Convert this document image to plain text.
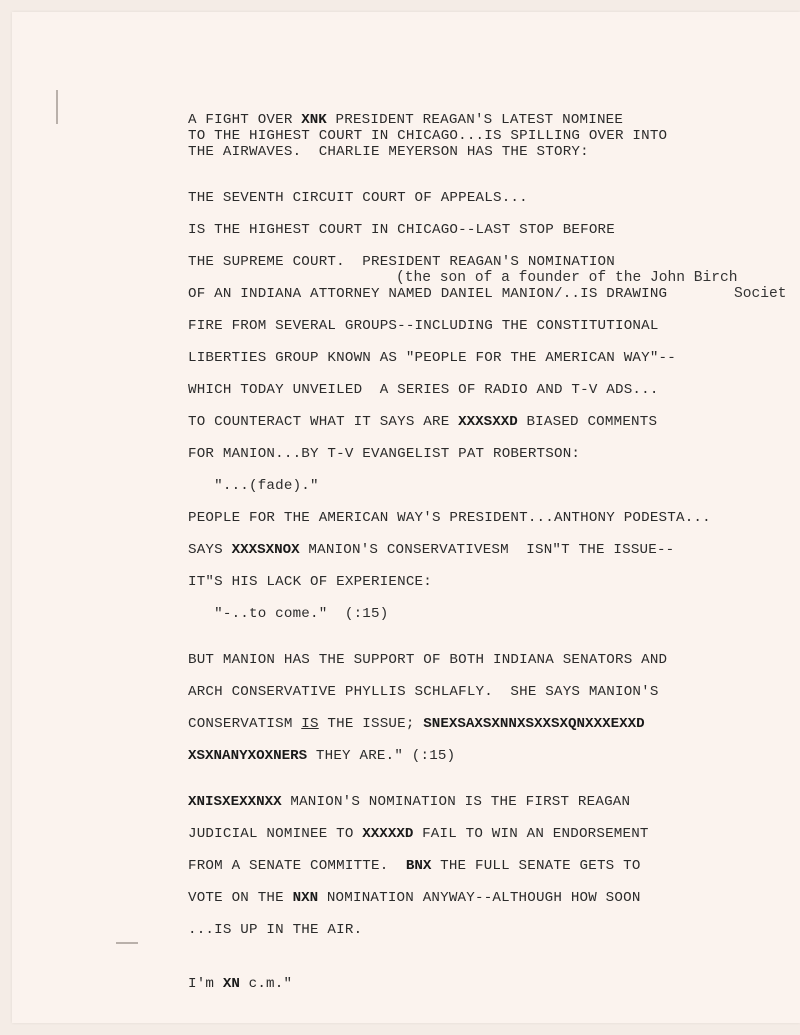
A FIGHT OVER XNK PRESIDENT REAGAN'S LATEST NOMINEE
TO THE HIGHEST COURT IN CHICAGO...IS SPILLING OVER INTO
THE AIRWAVES.  CHARLIE MEYERSON HAS THE STORY:
THE SEVENTH CIRCUIT COURT OF APPEALS...
IS THE HIGHEST COURT IN CHICAGO--LAST STOP BEFORE
THE SUPREME COURT.  PRESIDENT REAGAN'S NOMINATION
(the son of a founder of the John Birch
OF AN INDIANA ATTORNEY NAMED DANIEL MANION/..IS DRAWING	Societ
FIRE FROM SEVERAL GROUPS--INCLUDING THE CONSTITUTIONAL
LIBERTIES GROUP KNOWN AS "PEOPLE FOR THE AMERICAN WAY"--
WHICH TODAY UNVEILED  A SERIES OF RADIO AND T-V ADS...
TO COUNTERACT WHAT IT SAYS ARE XXXSXXD BIASED COMMENTS
FOR MANION...BY T-V EVANGELIST PAT ROBERTSON:
"...(fade)."
PEOPLE FOR THE AMERICAN WAY'S PRESIDENT...ANTHONY PODESTA...
SAYS XXXSXNOX MANION'S CONSERVATIVESM  ISN"T THE ISSUE--
IT"S HIS LACK OF EXPERIENCE:
"-..to come."  (:15)
BUT MANION HAS THE SUPPORT OF BOTH INDIANA SENATORS AND
ARCH CONSERVATIVE PHYLLIS SCHLAFLY.  SHE SAYS MANION'S
CONSERVATISM IS THE ISSUE; SNEXSAXSXNNXSXXSXQNXXXEXXD
XSXNANYXOXNERS THEY ARE." (:15)
XNISXEXXNXX MANION'S NOMINATION IS THE FIRST REAGAN
JUDICIAL NOMINEE TO XXXXXD FAIL TO WIN AN ENDORSEMENT
FROM A SENATE COMMITTE.  BNX THE FULL SENATE GETS TO
VOTE ON THE NXN NOMINATION ANYWAY--ALTHOUGH HOW SOON
...IS UP IN THE AIR.
I'm XN c.m."
